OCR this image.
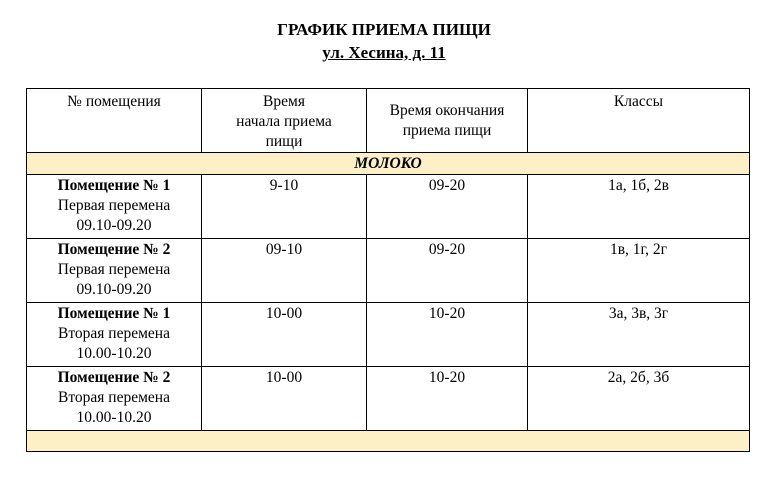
ГРАФИК ПРИЕМА ПИЩИ
ул. Хесина, д. 11
№ помещения	Время
начала приема
пищи	Время окончания
приема пищи	Классы
МОЛОКО			

Помещение № 1
Первая перемена
09.10-09.20	9-10	09-20	1а, 1б, 2в

Помещение № 2
Первая перемена
09.10-09.20	09-10	09-20	1в, 1г, 2г

Помещение № 1
Вторая перемена
10.00-10.20	10-00	10-20	3а, 3в, 3г

Помещение № 2
Вторая перемена
10.00-10.20	10-00	10-20	2а, 2б, 3б
